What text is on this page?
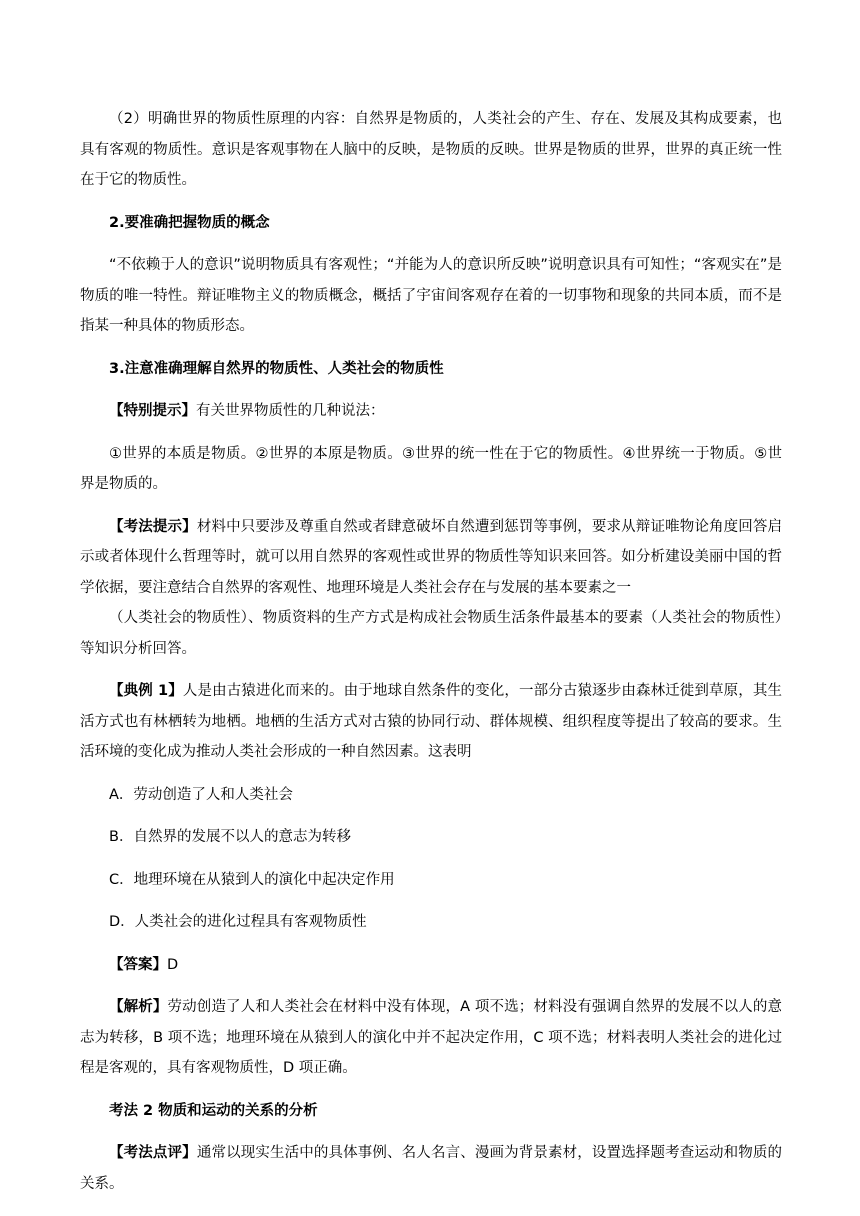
（2）明确世界的物质性原理的内容：自然界是物质的，人类社会的产生、存在、发展及其构成要素，也具有客观的物质性。意识是客观事物在人脑中的反映，是物质的反映。世界是物质的世界，世界的真正统一性在于它的物质性。

2.要准确把握物质的概念

“不依赖于人的意识”说明物质具有客观性；“并能为人的意识所反映”说明意识具有可知性；“客观实在”是物质的唯一特性。辩证唯物主义的物质概念，概括了宇宙间客观存在着的一切事物和现象的共同本质，而不是指某一种具体的物质形态。

3.注意准确理解自然界的物质性、人类社会的物质性

【特别提示】有关世界物质性的几种说法：

①世界的本质是物质。②世界的本原是物质。③世界的统一性在于它的物质性。④世界统一于物质。⑤世界是物质的。

【考法提示】材料中只要涉及尊重自然或者肆意破坏自然遭到惩罚等事例，要求从辩证唯物论角度回答启示或者体现什么哲理等时，就可以用自然界的客观性或世界的物质性等知识来回答。如分析建设美丽中国的哲学依据，要注意结合自然界的客观性、地理环境是人类社会存在与发展的基本要素之一

（人类社会的物质性）、物质资料的生产方式是构成社会物质生活条件最基本的要素（人类社会的物质性）等知识分析回答。

【典例 1】人是由古猿进化而来的。由于地球自然条件的变化，一部分古猿逐步由森林迁徙到草原，其生活方式也有林栖转为地栖。地栖的生活方式对古猿的协同行动、群体规模、组织程度等提出了较高的要求。生活环境的变化成为推动人类社会形成的一种自然因素。这表明

A．劳动创造了人和人类社会

B．自然界的发展不以人的意志为转移

C．地理环境在从猿到人的演化中起决定作用

D．人类社会的进化过程具有客观物质性

【答案】D

【解析】劳动创造了人和人类社会在材料中没有体现，A 项不选；材料没有强调自然界的发展不以人的意志为转移，B 项不选；地理环境在从猿到人的演化中并不起决定作用，C 项不选；材料表明人类社会的进化过程是客观的，具有客观物质性，D 项正确。

考法 2 物质和运动的关系的分析

【考法点评】通常以现实生活中的具体事例、名人名言、漫画为背景素材，设置选择题考查运动和物质的关系。
